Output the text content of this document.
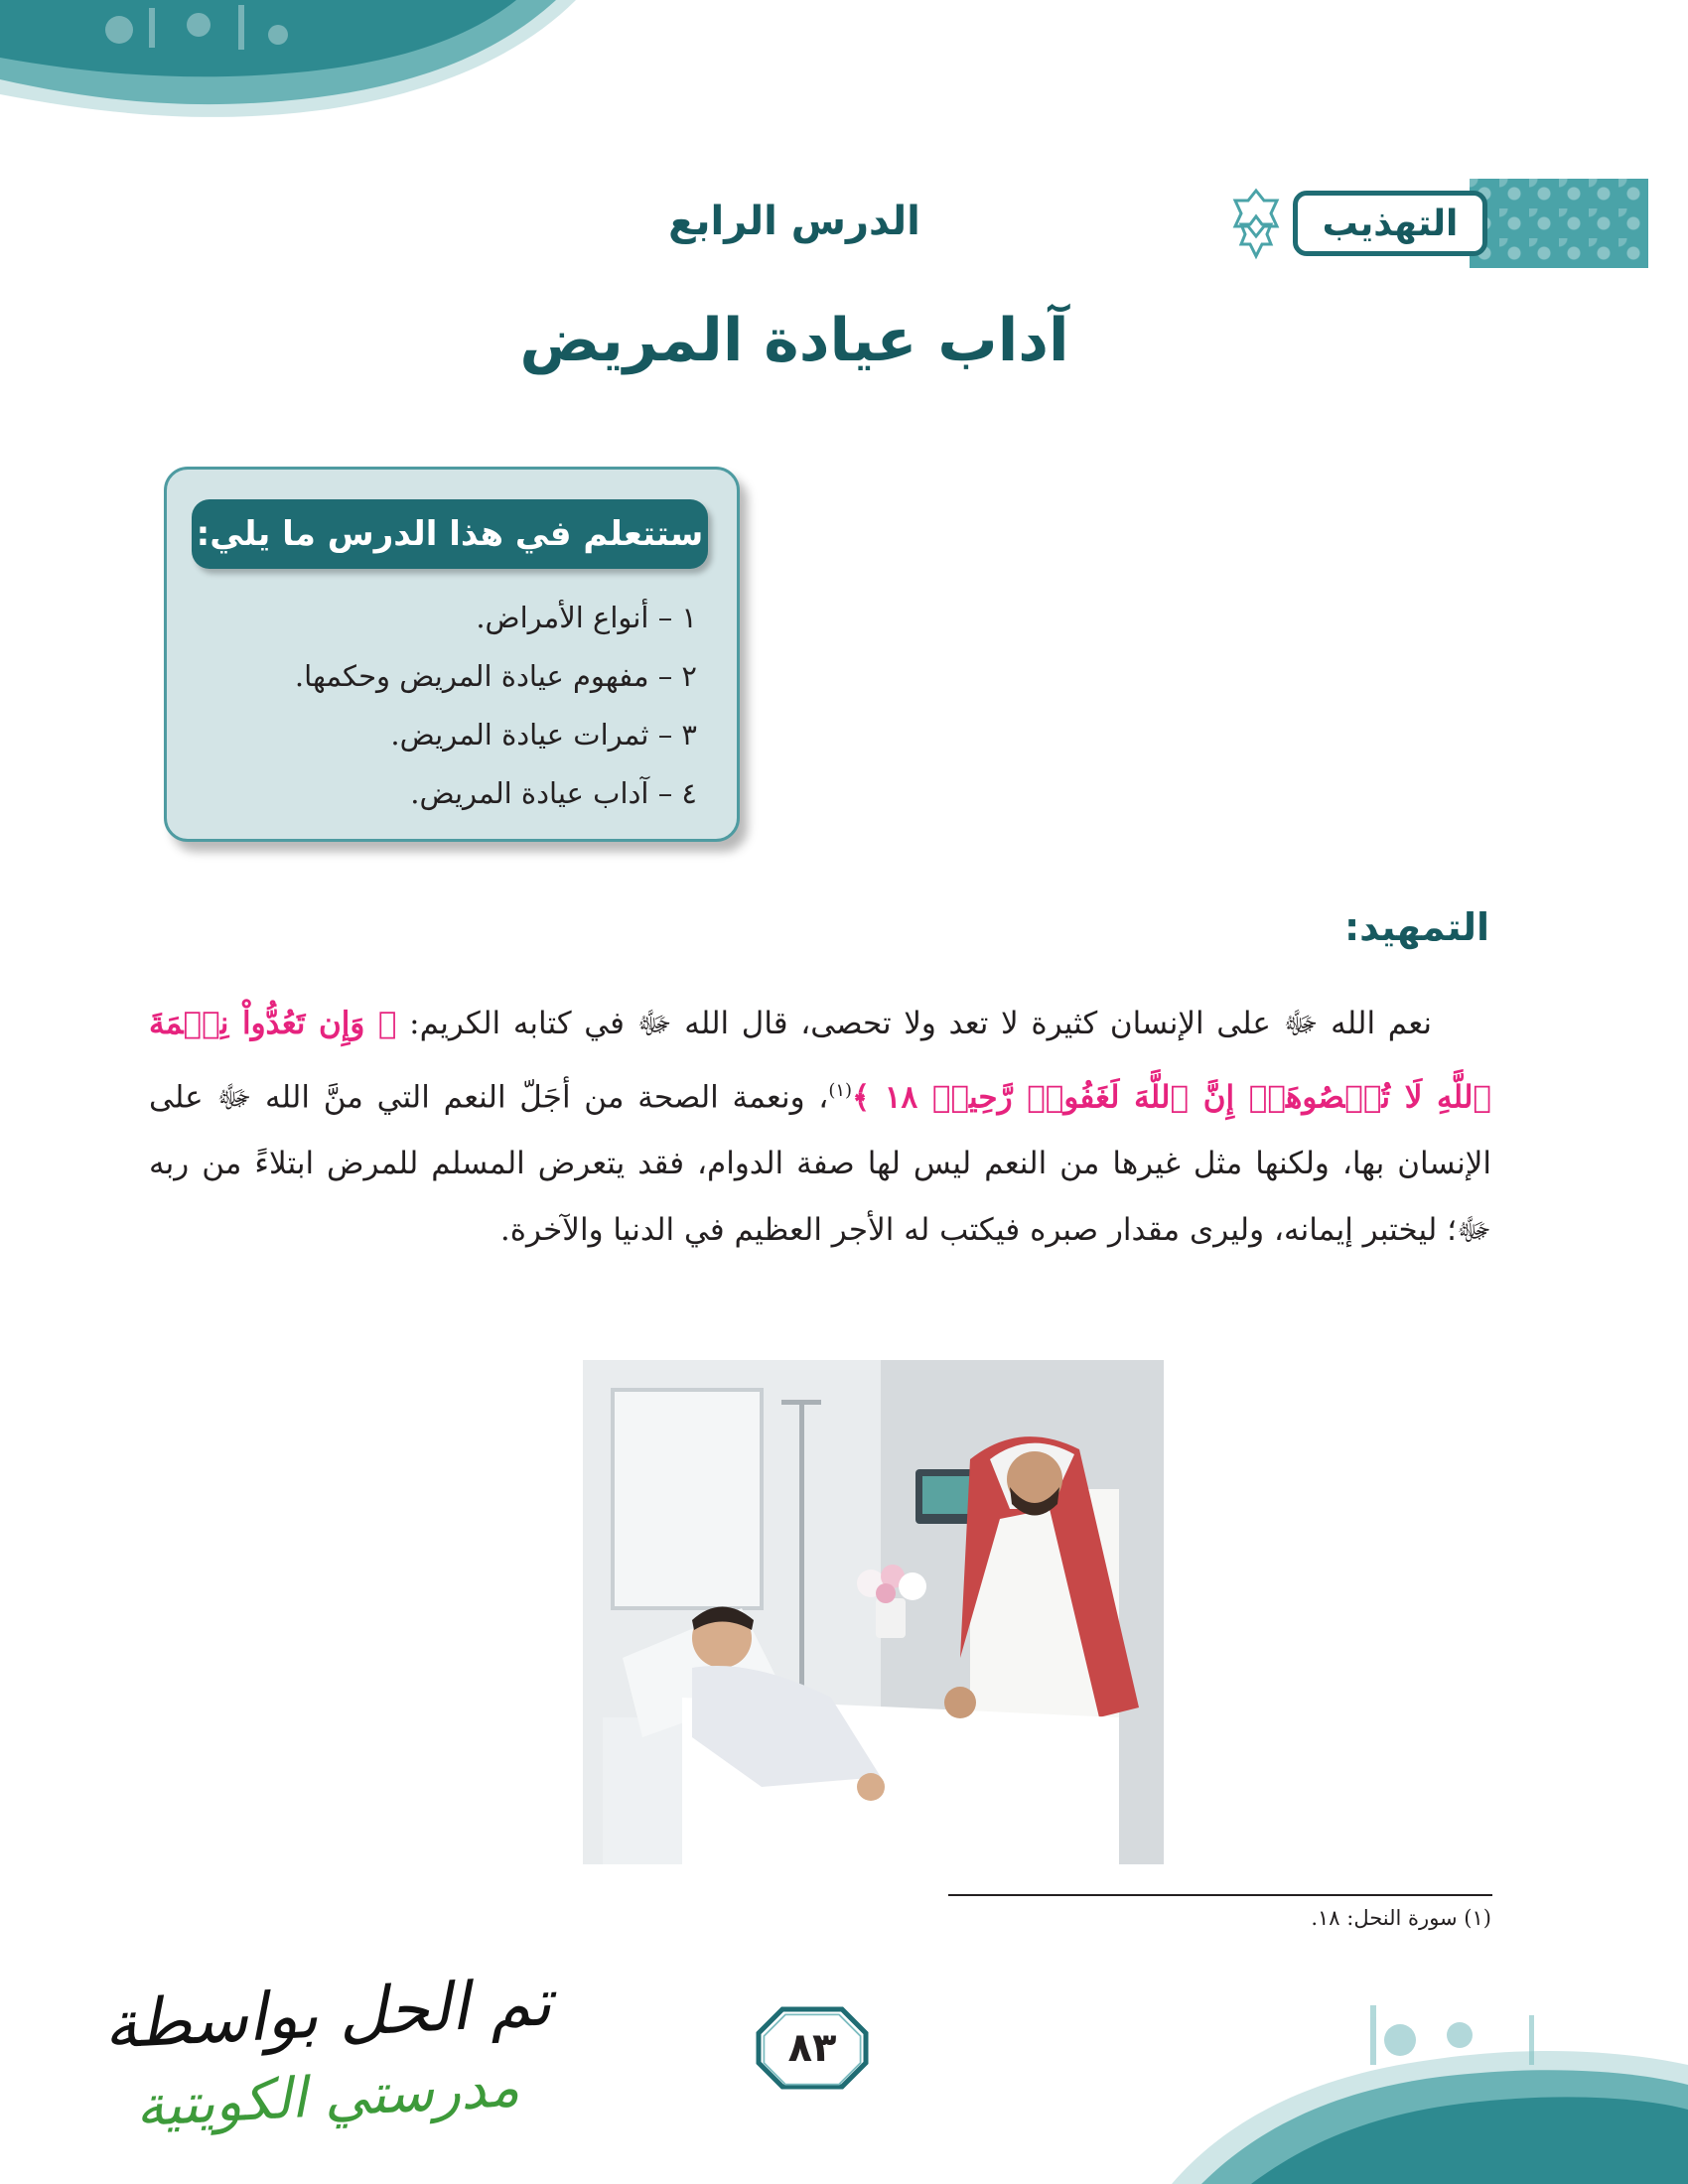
التهذيب
الدرس الرابع
آداب عيادة المريض
ستتعلم في هذا الدرس ما يلي:
١ – أنواع الأمراض.
٢ – مفهوم عيادة المريض وحكمها.
٣ – ثمرات عيادة المريض.
٤ – آداب عيادة المريض.
التمهيد:

نعم الله ﷻ على الإنسان كثيرة لا تعد ولا تحصى، قال الله ﷻ في كتابه الكريم: ﴿ وَإِن تَعُدُّواْ نِعۡمَةَ ٱللَّهِ لَا تُحۡصُوهَآۗ إِنَّ ٱللَّهَ لَغَفُورٞ رَّحِيمٞ ١٨ ﴾$^{(١)}$، ونعمة الصحة من أجَلّ النعم التي منَّ الله ﷻ على الإنسان بها، ولكنها مثل غيرها من النعم ليس لها صفة الدوام، فقد يتعرض المسلم للمرض ابتلاءً من ربه ﷻ؛ ليختبر إيمانه، وليرى مقدار صبره فيكتب له الأجر العظيم في الدنيا والآخرة.

(١) سورة النحل: ١٨.
تم الحل بواسطة
مدرستي الكويتية
٨٣
